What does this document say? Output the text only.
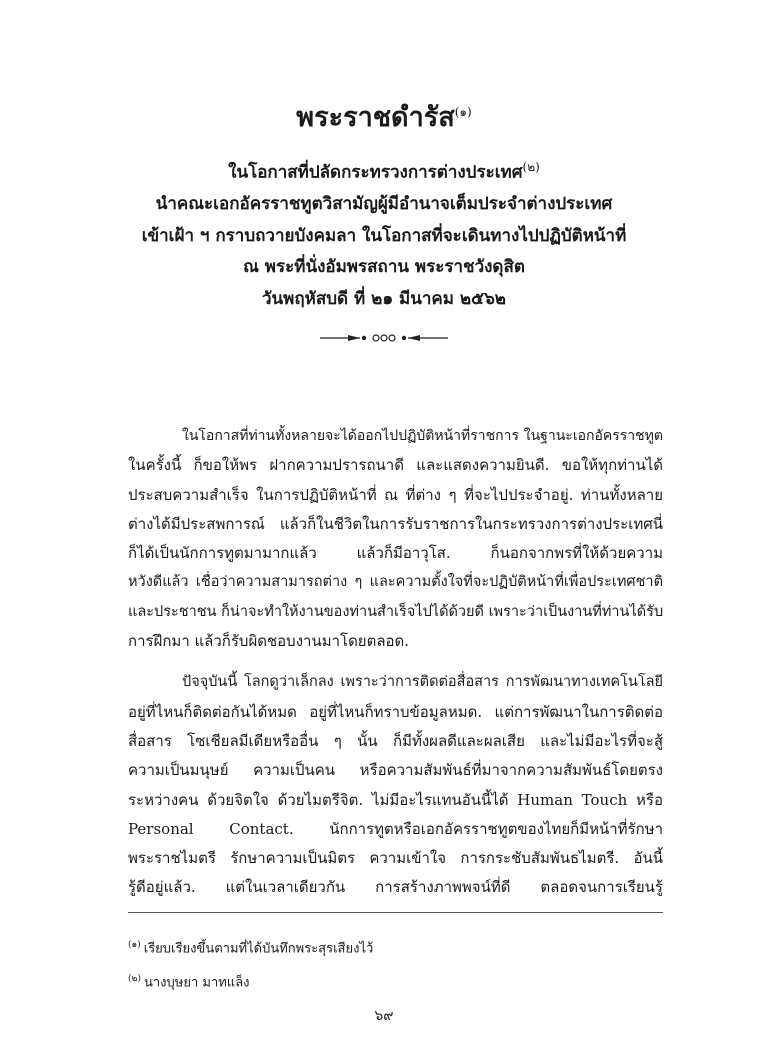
พระราชดำรัส$^{(๑)}$
ในโอกาสที่ปลัดกระทรวงการต่างประเทศ$^{(๒)}$
นำคณะเอกอัครราชทูตวิสามัญผู้มีอำนาจเต็มประจำต่างประเทศ
เข้าเฝ้า ฯ กราบถวายบังคมลา ในโอกาสที่จะเดินทางไปปฏิบัติหน้าที่
ณ พระที่นั่งอัมพรสถาน พระราชวังดุสิต
วันพฤหัสบดี ที่ ๒๑ มีนาคม ๒๕๖๒
ในโอกาสที่ท่านทั้งหลายจะได้ออกไปปฏิบัติหน้าที่ราชการ ในฐานะเอกอัครราชทูต
ในครั้งนี้ ก็ขอให้พร ฝากความปรารถนาดี และแสดงความยินดี. ขอให้ทุกท่านได้
ประสบความสำเร็จ ในการปฏิบัติหน้าที่ ณ ที่ต่าง ๆ ที่จะไปประจำอยู่. ท่านทั้งหลาย
ต่างได้มีประสพการณ์ แล้วก็ในชีวิตในการรับราชการในกระทรวงการต่างประเทศนี่
ก็ได้เป็นนักการทูตมามากแล้ว แล้วก็มีอาวุโส. ก็นอกจากพรที่ให้ด้วยความ
หวังดีแล้ว เชื่อว่าความสามารถต่าง ๆ และความตั้งใจที่จะปฏิบัติหน้าที่เพื่อประเทศชาติ
และประชาชน ก็น่าจะทำให้งานของท่านสำเร็จไปได้ด้วยดี เพราะว่าเป็นงานที่ท่านได้รับ
การฝึกมา แล้วก็รับผิดชอบงานมาโดยตลอด.
ปัจจุบันนี้ โลกดูว่าเล็กลง เพราะว่าการติดต่อสื่อสาร การพัฒนาทางเทคโนโลยี
อยู่ที่ไหนก็ติดต่อกันได้หมด อยู่ที่ไหนก็ทราบข้อมูลหมด. แต่การพัฒนาในการติดต่อ
สื่อสาร โซเชียลมีเดียหรืออื่น ๆ นั้น ก็มีทั้งผลดีและผลเสีย และไม่มีอะไรที่จะสู้
ความเป็นมนุษย์ ความเป็นคน หรือความสัมพันธ์ที่มาจากความสัมพันธ์โดยตรง
ระหว่างคน ด้วยจิตใจ ด้วยไมตรีจิต. ไม่มีอะไรแทนอันนี้ได้ Human Touch หรือ
Personal Contact. นักการทูตหรือเอกอัครราชทูตของไทยก็มีหน้าที่รักษา
พระราชไมตรี รักษาความเป็นมิตร ความเข้าใจ การกระชับสัมพันธไมตรี. อันนี้
รู้ดีอยู่แล้ว. แต่ในเวลาเดียวกัน การสร้างภาพพจน์ที่ดี ตลอดจนการเรียนรู้
$^{(๑)}$ เรียบเรียงขึ้นตามที่ได้บันทึกพระสุรเสียงไว้
$^{(๒)}$ นางบุษยา มาทแล็ง
๖๙
